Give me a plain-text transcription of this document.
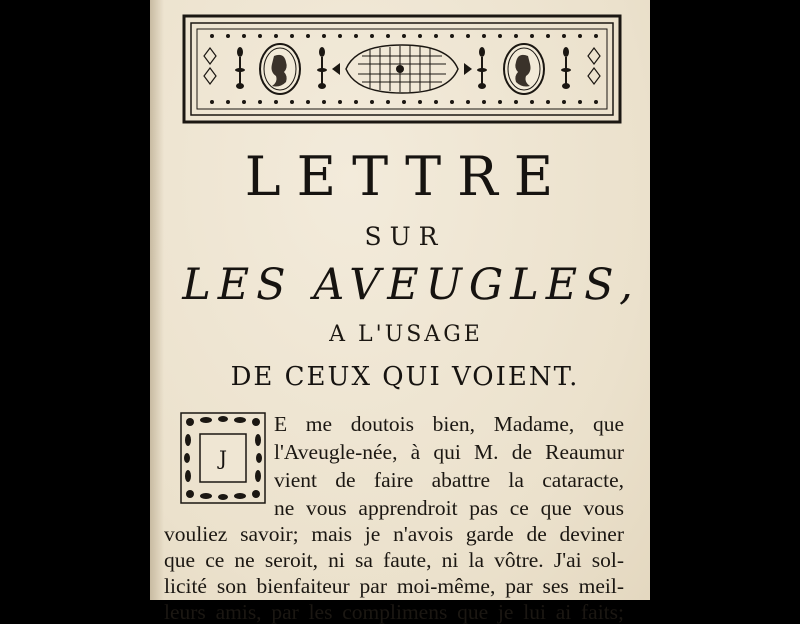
LETTRE
SUR
LES AVEUGLES,
A L'USAGE
DE CEUX QUI VOIENT.
J
E me doutois bien, Madame, que
l'Aveugle-née, à qui M. de Reaumur
vient de faire abattre la cataracte,
ne vous apprendroit pas ce que vous
vouliez savoir; mais je n'avois garde de deviner
que ce ne seroit, ni sa faute, ni la vôtre. J'ai sol-
licité son bienfaiteur par moi-même, par ses meil-
leurs amis, par les complimens que je lui ai faits;
